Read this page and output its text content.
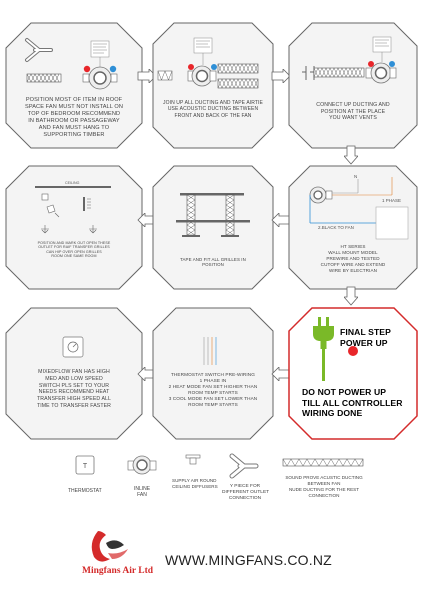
POSITION MOST OF ITEM IN ROOF
SPACE FAN MUST NOT INSTALL ON
TOP OF BEDROOM RECOMMEND
IN BATHROOM OR PASSAGEWAY
AND FAN MUST HANG TO
SUPPORTING TIMBER
JOIN UP ALL DUCTING AND TAPE AIRTIE
USE ACOUSTIC DUCTING BETWEEN
FRONT AND BACK OF THE FAN
CONNECT UP DUCTING AND
POSITION AT THE PLACE
YOU WANT VENTS
CEILING
POSITION AND MARK OUT OPEN THESE
OUTLET FOR RAIF TRANSFER GRILLES
CAN HIP OVER OPEN GRILLES
ROOM ONE SAME ROOM
TAPE AND FIT ALL GRILLES IN
POSITION
N
1 PHASE
2.BLACK TO FAN
HT SERIES
WALL MOUNT MODEL
PREWIRE AND TESTED
CUTOFF WIRE AND EXTEND
WIRE BY ELECTRIAN
MIXEDFLOW FAN HAS HIGH
MED AND LOW SPEED
SWITCH PLS SET TO YOUR
NEEDS RECOMMEND HEAT
TRANSFER HIGH SPEED ALL
TIME TO TRANSFER FASTER
THERMOSTAT SWITCH PRE-WIRING
1 PHASE IN
2 HEAT MODE FAN SET HIGHER THAN
ROOM TEMP STARTS
3 COOL MODE FAN SET LOWER THAN
ROOM TEMP STARTS
FINAL STEP
POWER UP
DO NOT POWER UP
TILL ALL CONTROLLER
WIRING DONE
T
THERMOSTAT	INLINE
FAN
SUPPLY AIR ROUND
CEILING DIFFUSERS	Y PIECE FOR
DIFFERENT OUTLET
CONNECTION
SOUND PROVE ACUSTIC DUCTING
BETWEEN FAN
NUDE DUCTING FOR THE REST
CONNECTION
Mingfans Air Ltd
WWW.MINGFANS.CO.NZ
